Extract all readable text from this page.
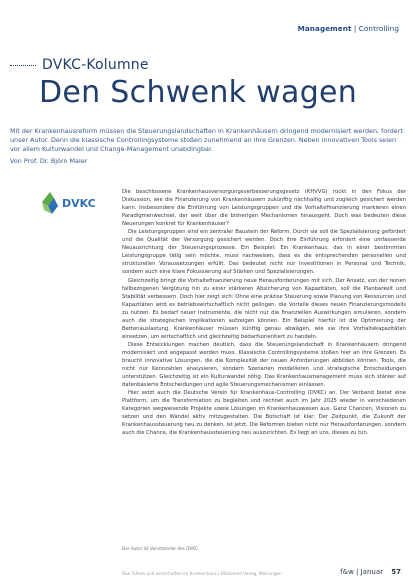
Management | Controlling
DVKC-Kolumne
Den Schwenk wagen
Mit der Krankenhausreform müssen die Steuerungslandschaften in Krankenhäusern dringend modernisiert werden, fordert unser Autor. Denn die klassische Controllingsysteme stoßen zunehmend an ihre Grenzen. Neben innovativen Tools seien vor allem Kulturwandel und Change-Management unabdingbar.
Von Prof. Dr. Björn Maier
DVKC

Die beschlossene Krankenhausversorgungsverbesserungsgesetz (KHVVG) rückt in den Fokus der Diskussion, wie die Finanzierung von Krankenhäusern zukünftig nachhaltig und zugleich gesichert werden kann. Insbesondere die Einführung von Leistungsgruppen und die Vorhaltefinanzierung markieren einen Paradigmenwechsel, der weit über die bisherigen Mechanismen hinausgeht. Doch was bedeuten diese Neuerungen konkret für Krankenhäuser?

Die Leistungsgruppen sind ein zentraler Baustein der Reform. Durch sie soll die Spezialisierung gefördert und die Qualität der Versorgung gesichert werden. Doch ihre Einführung erfordert eine umfassende Neuausrichtung der Steuerungsprozesse. Ein Beispiel: Ein Krankenhaus, das in einer bestimmten Leistungsgruppe tätig sein möchte, muss nachweisen, dass es die entsprechenden personellen und strukturellen Voraussetzungen erfüllt. Das bedeutet nicht nur Investitionen in Personal und Technik, sondern auch eine klare Fokussierung auf Stärken und Spezialisierungen.

Gleichzeitig bringt die Vorhaltefinanzierung neue Herausforderungen mit sich. Der Ansatz, von der reinen fallbezogenen Vergütung hin zu einer stärkeren Absicherung von Kapazitäten, soll die Planbarkeit und Stabilität verbessern. Doch hier zeigt sich: Ohne eine präzise Steuerung sowie Planung von Ressourcen und Kapazitäten wird es betriebswirtschaftlich nicht gelingen, die Vorteile dieses neuen Finanzierungsmodells zu nutzen. Es bedarf neuer Instrumente, die nicht nur die finanziellen Auswirkungen simulieren, sondern auch die strategischen Implikationen aufzeigen können. Ein Beispiel hierfür ist die Optimierung der Bettenauslastung. Krankenhäuser müssen künftig genau abwägen, wie sie ihre Vorhaltekapazitäten einsetzen, um wirtschaftlich und gleichzeitig bedarfsorientiert zu handeln.

Diese Entwicklungen machen deutlich, dass die Steuerungslandschaft in Krankenhäusern dringend modernisiert und angepasst werden muss. Klassische Controllingsysteme stoßen hier an ihre Grenzen. Es braucht innovative Lösungen, die die Komplexität der neuen Anforderungen abbilden können. Tools, die nicht nur Kennzahlen analysieren, sondern Szenarien modellieren und strategische Entscheidungen unterstützen. Gleichzeitig ist ein Kulturwandel nötig. Das Krankenhausmanagement muss sich stärker auf datenbasierte Entscheidungen und agile Steuerungsmechanismen einlassen.

Hier setzt auch die Deutsche Verein für Krankenhaus-Controlling (DVKC) an. Der Verband bietet eine Plattform, um die Transformation zu begleiten und rechnet auch im Jahr 2025 wieder in verschiedenen Kategorien wegweisende Projekte sowie Lösungen im Krankenhauswesen aus. Ganz Chancen, Visionen zu setzen und den Wandel aktiv mitzugestalten. Die Botschaft ist klar: Der Zeitpunkt, die Zukunft der Krankenhaussteuerung neu zu denken, ist jetzt. Die Reformen bieten nicht nur Herausforderungen, sondern auch die Chance, die Krankenhaussteuerung neu auszurichten. Es liegt an uns, dieses zu tun.

Der Autor ist Vorsitzender des DVKC.
f&w führen und wirtschaften im Krankenhaus | Bibliomed Verlag, Melsungen	f&w | Januar 57
